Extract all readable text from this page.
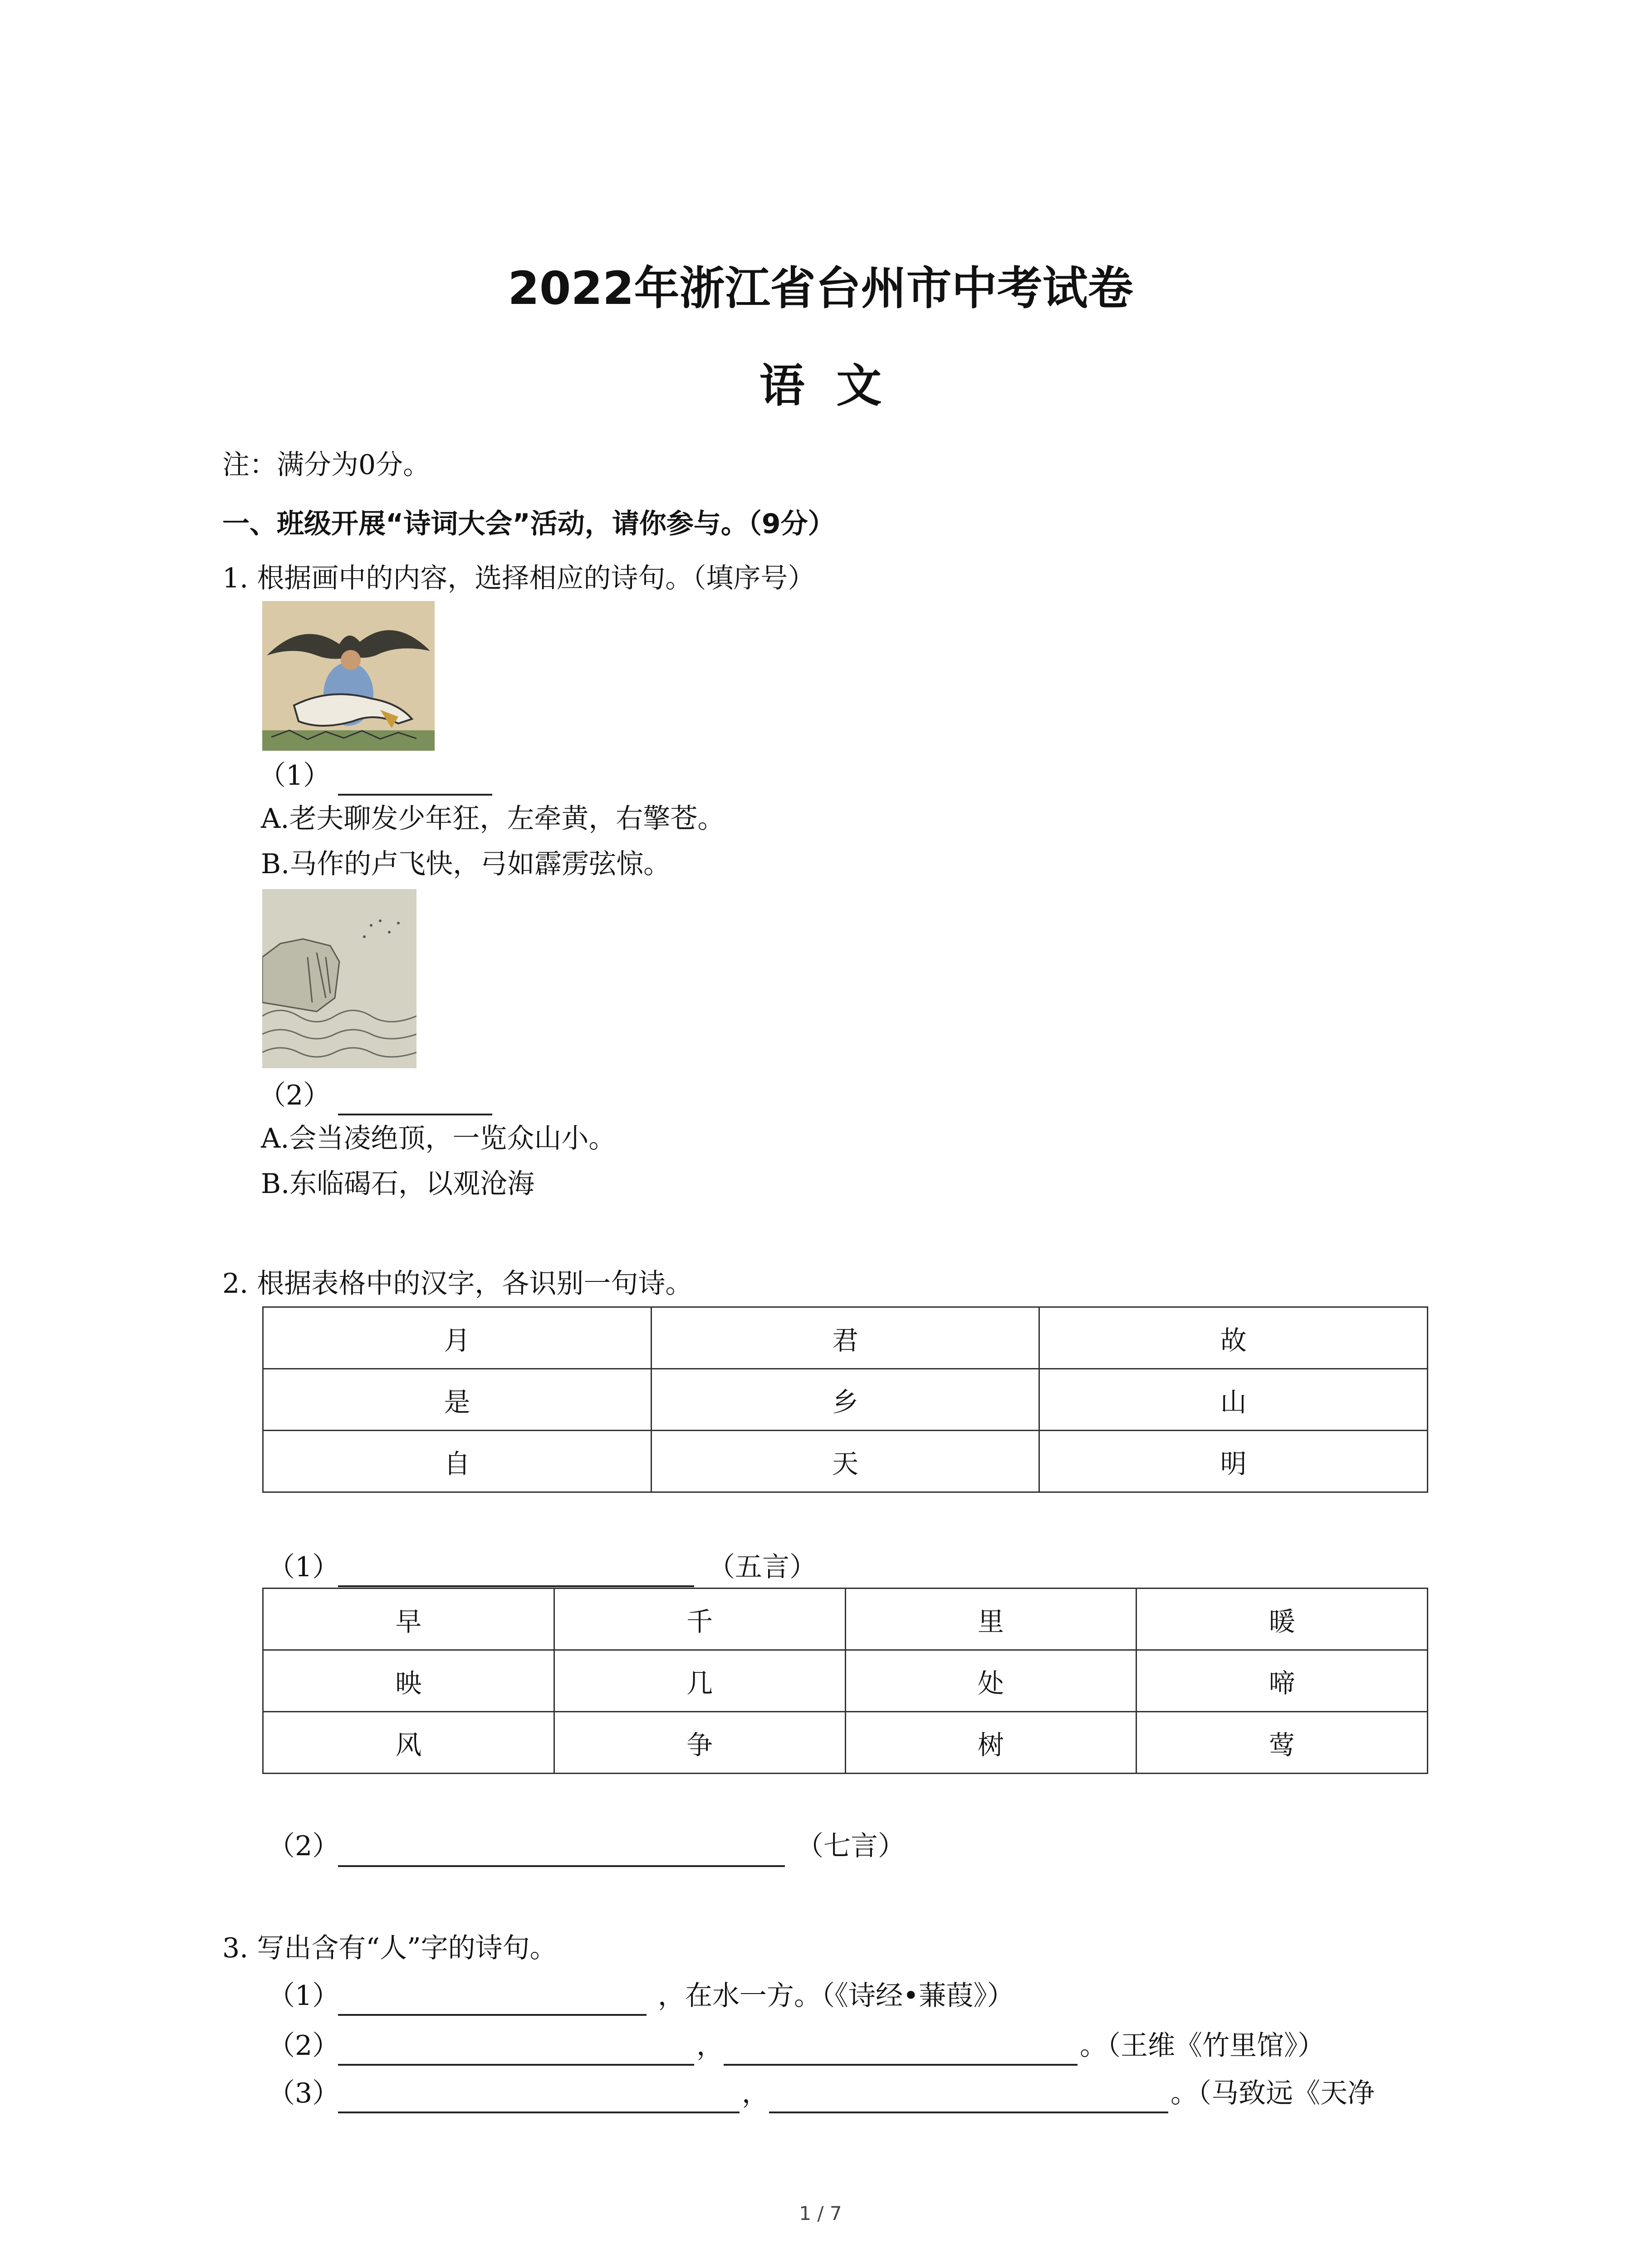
2022年浙江省台州市中考试卷
语  文
注：满分为0分。
一、班级开展“诗词大会”活动，请你参与。（9分）
1. 根据画中的内容，选择相应的诗句。（填序号）
（1）
A.老夫聊发少年狂，左牵黄，右擎苍。
B.马作的卢飞快，弓如霹雳弦惊。
（2）
A.会当凌绝顶，一览众山小。
B.东临碣石，以观沧海
2. 根据表格中的汉字，各识别一句诗。
月	君	故
是	乡	山
自	天	明
（1）	（五言）
早	千	里	暖
映	几	处	啼
风	争	树	莺
（2）	（七言）
3. 写出含有“人”字的诗句。
（1）	，在水一方。（《诗经•蒹葭》）
（2）	，	。（王维《竹里馆》）
（3）	，	。（马致远《天净
1 / 7
